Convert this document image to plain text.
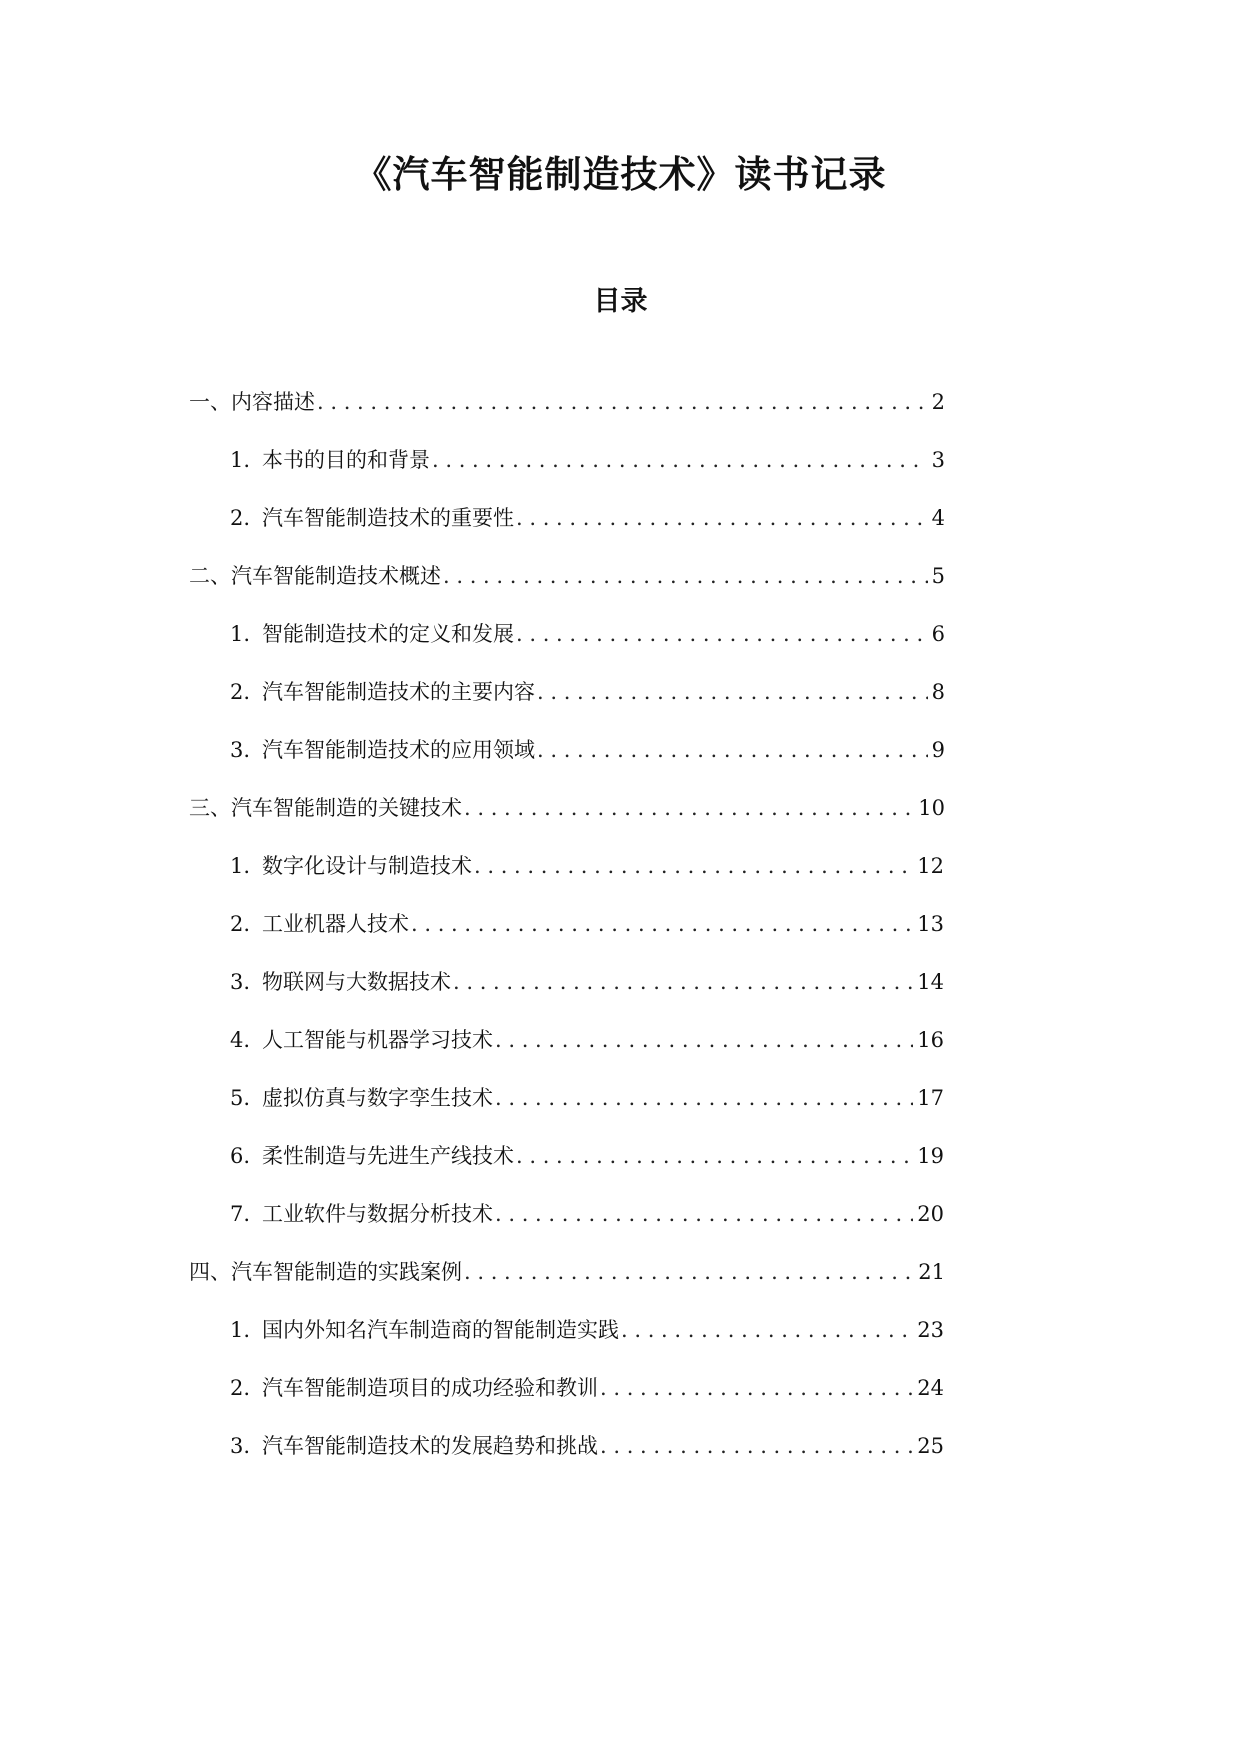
《汽车智能制造技术》读书记录
目录
一、内容描述 . . .	2
1. 本书的目的和背景 . . .	3
2. 汽车智能制造技术的重要性 . . .	4
二、汽车智能制造技术概述 . . .	5
1. 智能制造技术的定义和发展 . . .	6
2. 汽车智能制造技术的主要内容 . . .	8
3. 汽车智能制造技术的应用领域 . . .	9
三、汽车智能制造的关键技术 . . .	10
1. 数字化设计与制造技术 . . .	12
2. 工业机器人技术 . . .	13
3. 物联网与大数据技术 . . .	14
4. 人工智能与机器学习技术 . . .	16
5. 虚拟仿真与数字孪生技术 . . .	17
6. 柔性制造与先进生产线技术 . . .	19
7. 工业软件与数据分析技术 . . .	20
四、汽车智能制造的实践案例 . . .	21
1. 国内外知名汽车制造商的智能制造实践 . . .	23
2. 汽车智能制造项目的成功经验和教训 . . .	24
3. 汽车智能制造技术的发展趋势和挑战 . . .	25
